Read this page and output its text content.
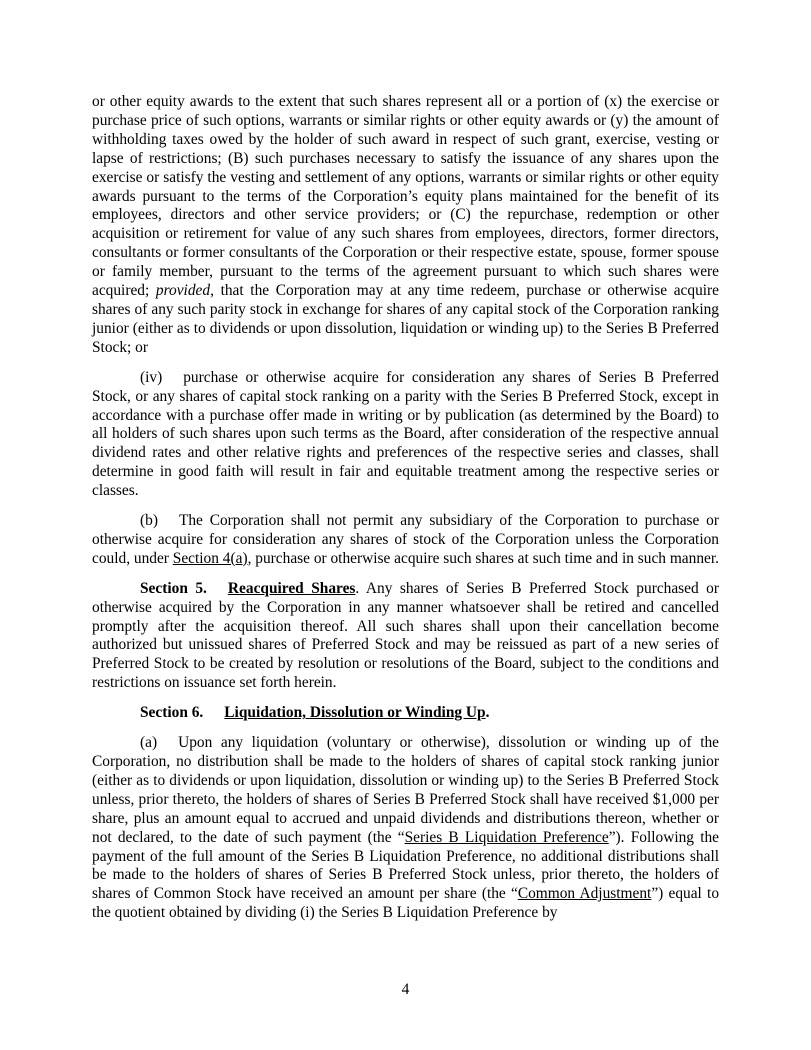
or other equity awards to the extent that such shares represent all or a portion of (x) the exercise or purchase price of such options, warrants or similar rights or other equity awards or (y) the amount of withholding taxes owed by the holder of such award in respect of such grant, exercise, vesting or lapse of restrictions; (B) such purchases necessary to satisfy the issuance of any shares upon the exercise or satisfy the vesting and settlement of any options, warrants or similar rights or other equity awards pursuant to the terms of the Corporation’s equity plans maintained for the benefit of its employees, directors and other service providers; or (C) the repurchase, redemption or other acquisition or retirement for value of any such shares from employees, directors, former directors, consultants or former consultants of the Corporation or their respective estate, spouse, former spouse or family member, pursuant to the terms of the agreement pursuant to which such shares were acquired; provided, that the Corporation may at any time redeem, purchase or otherwise acquire shares of any such parity stock in exchange for shares of any capital stock of the Corporation ranking junior (either as to dividends or upon dissolution, liquidation or winding up) to the Series B Preferred Stock; or

(iv) purchase or otherwise acquire for consideration any shares of Series B Preferred Stock, or any shares of capital stock ranking on a parity with the Series B Preferred Stock, except in accordance with a purchase offer made in writing or by publication (as determined by the Board) to all holders of such shares upon such terms as the Board, after consideration of the respective annual dividend rates and other relative rights and preferences of the respective series and classes, shall determine in good faith will result in fair and equitable treatment among the respective series or classes.

(b) The Corporation shall not permit any subsidiary of the Corporation to purchase or otherwise acquire for consideration any shares of stock of the Corporation unless the Corporation could, under Section 4(a), purchase or otherwise acquire such shares at such time and in such manner.

Section 5. Reacquired Shares. Any shares of Series B Preferred Stock purchased or otherwise acquired by the Corporation in any manner whatsoever shall be retired and cancelled promptly after the acquisition thereof. All such shares shall upon their cancellation become authorized but unissued shares of Preferred Stock and may be reissued as part of a new series of Preferred Stock to be created by resolution or resolutions of the Board, subject to the conditions and restrictions on issuance set forth herein.

Section 6. Liquidation, Dissolution or Winding Up.

(a) Upon any liquidation (voluntary or otherwise), dissolution or winding up of the Corporation, no distribution shall be made to the holders of shares of capital stock ranking junior (either as to dividends or upon liquidation, dissolution or winding up) to the Series B Preferred Stock unless, prior thereto, the holders of shares of Series B Preferred Stock shall have received $1,000 per share, plus an amount equal to accrued and unpaid dividends and distributions thereon, whether or not declared, to the date of such payment (the “Series B Liquidation Preference”). Following the payment of the full amount of the Series B Liquidation Preference, no additional distributions shall be made to the holders of shares of Series B Preferred Stock unless, prior thereto, the holders of shares of Common Stock have received an amount per share (the “Common Adjustment”) equal to the quotient obtained by dividing (i) the Series B Liquidation Preference by

4
